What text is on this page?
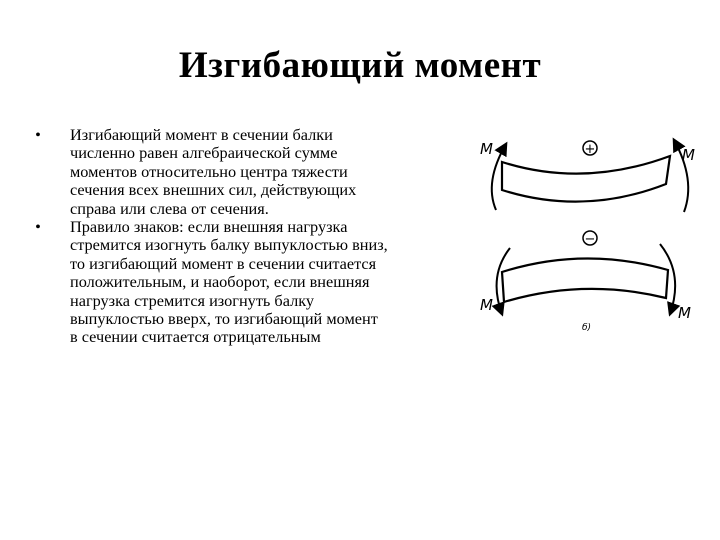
Изгибающий момент
•	Изгибающий момент в сечении балки
численно равен алгебраической сумме
моментов относительно центра тяжести
сечения всех внешних сил, действующих
справа или слева от сечения.
•	Правило знаков: если внешняя нагрузка
стремится изогнуть балку выпуклостью вниз,
то изгибающий момент в сечении считается
положительным, и наоборот, если внешняя
нагрузка стремится изогнуть балку
выпуклостью вверх, то изгибающий момент
в сечении считается отрицательным
M	M
+
M	M
−
б)
